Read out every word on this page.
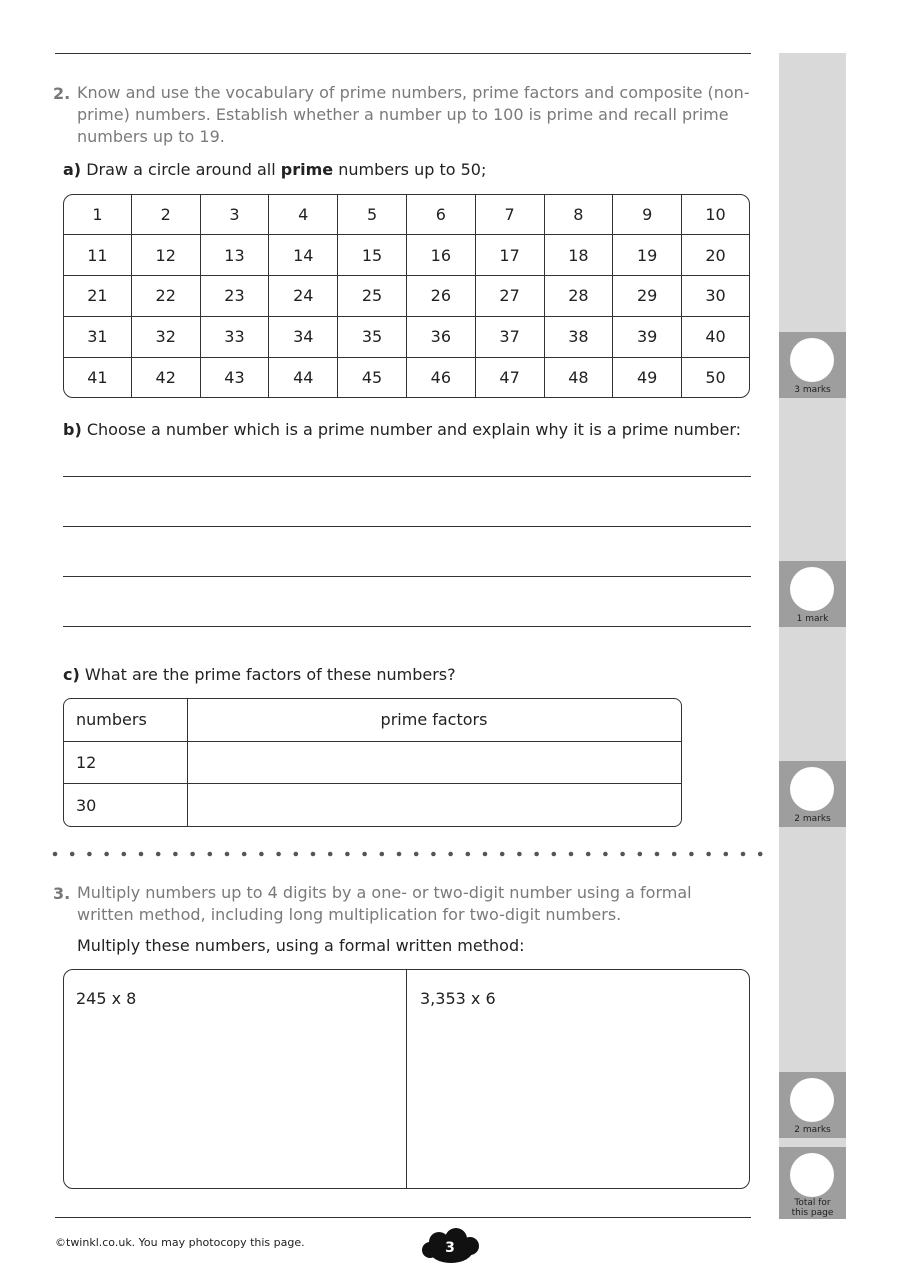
3 marks
1 mark
2 marks
2 marks
Total for
this page
2. Know and use the vocabulary of prime numbers, prime factors and composite (non-
prime) numbers. Establish whether a number up to 100 is prime and recall prime
numbers up to 19.
a) Draw a circle around all prime numbers up to 50;
1	2	3	4	5	6	7	8	9	10
11	12	13	14	15	16	17	18	19	20
21	22	23	24	25	26	27	28	29	30
31	32	33	34	35	36	37	38	39	40
41	42	43	44	45	46	47	48	49	50
b) Choose a number which is a prime number and explain why it is a prime number:
c) What are the prime factors of these numbers?
numbers	prime factors
12	
30	
3. Multiply numbers up to 4 digits by a one- or two-digit number using a formal
written method, including long multiplication for two-digit numbers.
Multiply these numbers, using a formal written method:
245 x 8	3,353 x 6
©twinkl.co.uk. You may photocopy this page.	3
